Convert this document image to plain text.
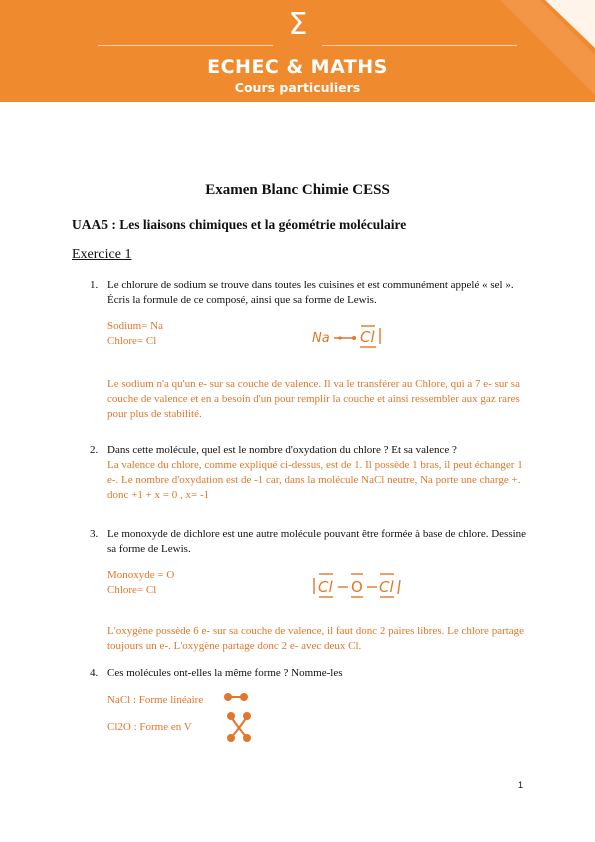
Σ
ECHEC & MATHS
Cours particuliers
Examen Blanc Chimie CESS
UAA5 : Les liaisons chimiques et la géométrie moléculaire
Exercice 1
1. Le chlorure de sodium se trouve dans toutes les cuisines et est communément appelé « sel ». Écris la formule de ce composé, ainsi que sa forme de Lewis.
Sodium= Na
Chlore= Cl	Na Cl
Le sodium n'a qu'un e- sur sa couche de valence. Il va le transférer au Chlore, qui a 7 e- sur sa couche de valence et en a besoin d'un pour remplir la couche et ainsi ressembler aux gaz rares pour plus de stabilité.
2. Dans cette molécule, quel est le nombre d'oxydation du chlore ? Et sa valence ?
La valence du chlore, comme expliqué ci-dessus, est de 1. Il possède 1 bras, il peut échanger 1 e-. Le nombre d'oxydation est de -1 car, dans la molécule NaCl neutre, Na porte une charge +. donc +1 + x = 0 , x= -1
3. Le monoxyde de dichlore est une autre molécule pouvant être formée à base de chlore. Dessine sa forme de Lewis.
Monoxyde = O
Chlore= Cl	Cl O Cl
L'oxygène possède 6 e- sur sa couche de valence, il faut donc 2 paires libres. Le chlore partage toujours un e-. L'oxygène partage donc 2 e- avec deux Cl.
4. Ces molécules ont-elles la même forme ? Nomme-les
NaCl : Forme linéaire
Cl2O : Forme en V
1
